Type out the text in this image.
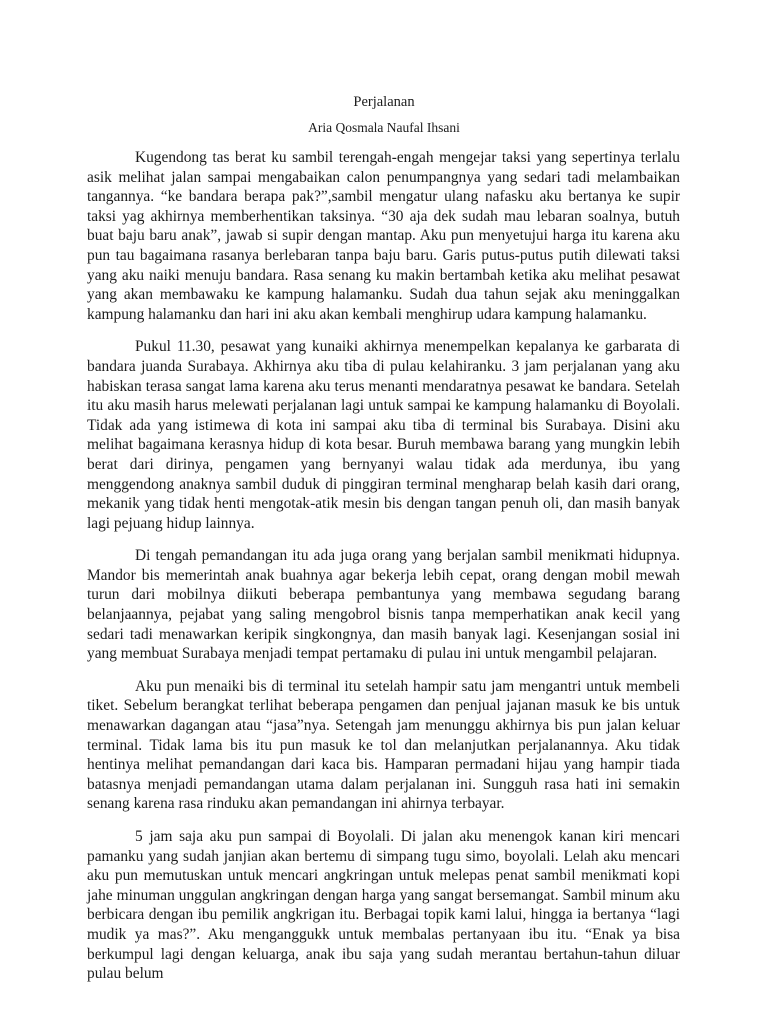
Perjalanan
Aria Qosmala Naufal Ihsani

Kugendong tas berat ku sambil terengah-engah mengejar taksi yang sepertinya terlalu asik melihat jalan sampai mengabaikan calon penumpangnya yang sedari tadi melambaikan tangannya. “ke bandara berapa pak?”,sambil mengatur ulang nafasku aku bertanya ke supir taksi yag akhirnya memberhentikan taksinya. “30 aja dek sudah mau lebaran soalnya, butuh buat baju baru anak”, jawab si supir dengan mantap. Aku pun menyetujui harga itu karena aku pun tau bagaimana rasanya berlebaran tanpa baju baru. Garis putus-putus putih dilewati taksi yang aku naiki menuju bandara. Rasa senang ku makin bertambah ketika aku melihat pesawat yang akan membawaku ke kampung halamanku. Sudah dua tahun sejak aku meninggalkan kampung halamanku dan hari ini aku akan kembali menghirup udara kampung halamanku.

Pukul 11.30, pesawat yang kunaiki akhirnya menempelkan kepalanya ke garbarata di bandara juanda Surabaya. Akhirnya aku tiba di pulau kelahiranku. 3 jam perjalanan yang aku habiskan terasa sangat lama karena aku terus menanti mendaratnya pesawat ke bandara. Setelah itu aku masih harus melewati perjalanan lagi untuk sampai ke kampung halamanku di Boyolali. Tidak ada yang istimewa di kota ini sampai aku tiba di terminal bis Surabaya. Disini aku melihat bagaimana kerasnya hidup di kota besar. Buruh membawa barang yang mungkin lebih berat dari dirinya, pengamen yang bernyanyi walau tidak ada merdunya, ibu yang menggendong anaknya sambil duduk di pinggiran terminal mengharap belah kasih dari orang, mekanik yang tidak henti mengotak-atik mesin bis dengan tangan penuh oli, dan masih banyak lagi pejuang hidup lainnya.

Di tengah pemandangan itu ada juga orang yang berjalan sambil menikmati hidupnya. Mandor bis memerintah anak buahnya agar bekerja lebih cepat, orang dengan mobil mewah turun dari mobilnya diikuti beberapa pembantunya yang membawa segudang barang belanjaannya, pejabat yang saling mengobrol bisnis tanpa memperhatikan anak kecil yang sedari tadi menawarkan keripik singkongnya, dan masih banyak lagi. Kesenjangan sosial ini yang membuat Surabaya menjadi tempat pertamaku di pulau ini untuk mengambil pelajaran.

Aku pun menaiki bis di terminal itu setelah hampir satu jam mengantri untuk membeli tiket. Sebelum berangkat terlihat beberapa pengamen dan penjual jajanan masuk ke bis untuk menawarkan dagangan atau “jasa”nya. Setengah jam menunggu akhirnya bis pun jalan keluar terminal. Tidak lama bis itu pun masuk ke tol dan melanjutkan perjalanannya. Aku tidak hentinya melihat pemandangan dari kaca bis. Hamparan permadani hijau yang hampir tiada batasnya menjadi pemandangan utama dalam perjalanan ini. Sungguh rasa hati ini semakin senang karena rasa rinduku akan pemandangan ini ahirnya terbayar.

5 jam saja aku pun sampai di Boyolali. Di jalan aku menengok kanan kiri mencari pamanku yang sudah janjian akan bertemu di simpang tugu simo, boyolali. Lelah aku mencari aku pun memutuskan untuk mencari angkringan untuk melepas penat sambil menikmati kopi jahe minuman unggulan angkringan dengan harga yang sangat bersemangat. Sambil minum aku berbicara dengan ibu pemilik angkrigan itu. Berbagai topik kami lalui, hingga ia bertanya “lagi mudik ya mas?”. Aku menganggukk untuk membalas pertanyaan ibu itu. “Enak ya bisa berkumpul lagi dengan keluarga, anak ibu saja yang sudah merantau bertahun-tahun diluar pulau belum
